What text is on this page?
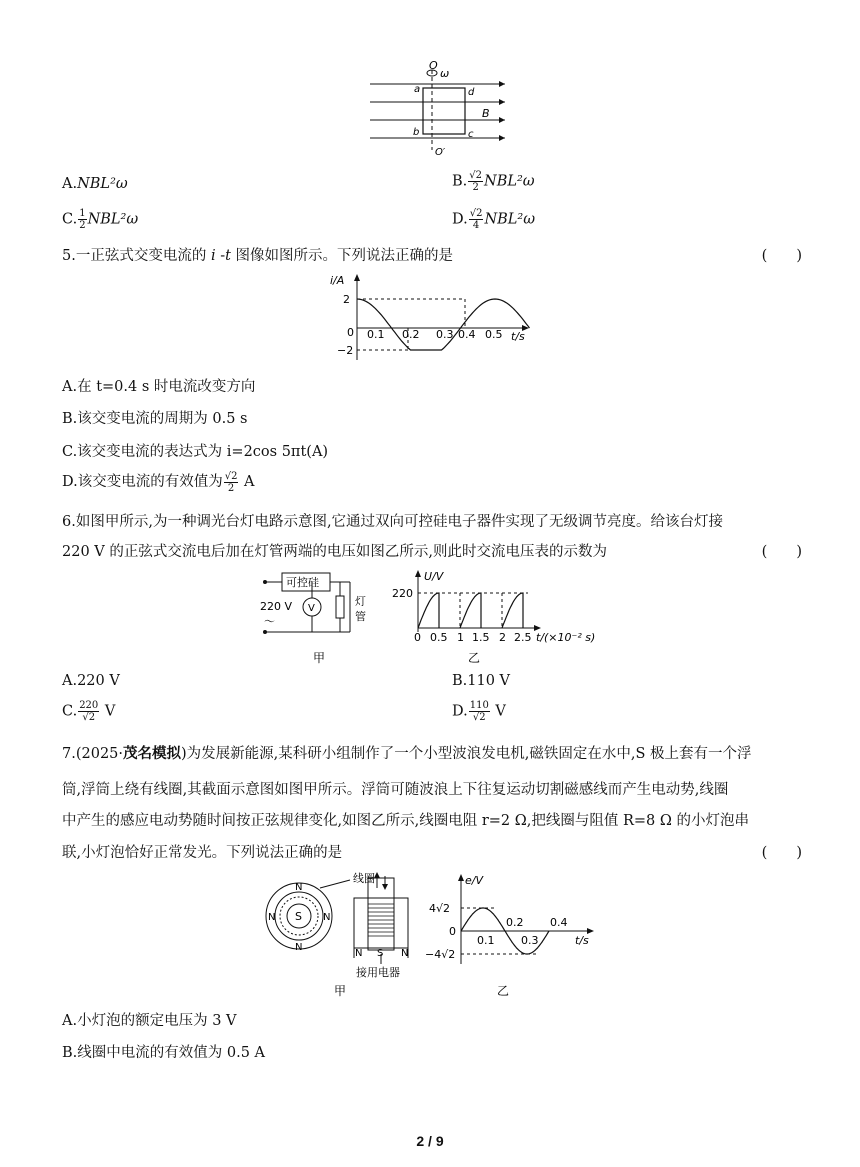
O
ω
a	d
b	c
B
O′
A.NBL²ω	B. $\frac{√2}{2} NBL^2\omega$
C. $\frac{1}{2} NBL^2\omega$	D. $\frac{√2}{4} NBL^2\omega$
5.一正弦式交变电流的 i -t 图像如图所示。下列说法正确的是	(　　)
i/A
2
0
−2
0.1 0.2 0.3 0.4 0.5 t/s
A.在 t=0.4 s 时电流改变方向
B.该交变电流的周期为 0.5 s
C.该交变电流的表达式为 i=2cos 5πt(A)
D.该交变电流的有效值为 $\frac{√2}{2}$ A
6.如图甲所示,为一种调光台灯电路示意图,它通过双向可控硅电子器件实现了无级调节亮度。给该台灯接
220 V 的正弦式交流电后加在灯管两端的电压如图乙所示,则此时交流电压表的示数为	(　　)
可控硅
220 V
～
V
灯
管
甲
U/V
220
0 0.5 1 1.5 2 2.5 t/(×10⁻² s)
乙
A.220 V	B.110 V
C. $\frac{220}{√2}$ V	D. $\frac{110}{√2}$ V
7.(2025·茂名模拟)为发展新能源,某科研小组制作了一个小型波浪发电机,磁铁固定在水中,S 极上套有一个浮
筒,浮筒上绕有线圈,其截面示意图如图甲所示。浮筒可随波浪上下往复运动切割磁感线而产生电动势,线圈
中产生的感应电动势随时间按正弦规律变化,如图乙所示,线圈电阻 r=2 Ω,把线圈与阻值 R=8 Ω 的小灯泡串
联,小灯泡恰好正常发光。下列说法正确的是	(　　)
线圈
S
N
N
N	N
N S N
接用电器
甲
e/V
4√2
−4√2
0
0.2 0.4
0.1 0.3	t/s
乙
A.小灯泡的额定电压为 3 V
B.线圈中电流的有效值为 0.5 A
2 / 9
